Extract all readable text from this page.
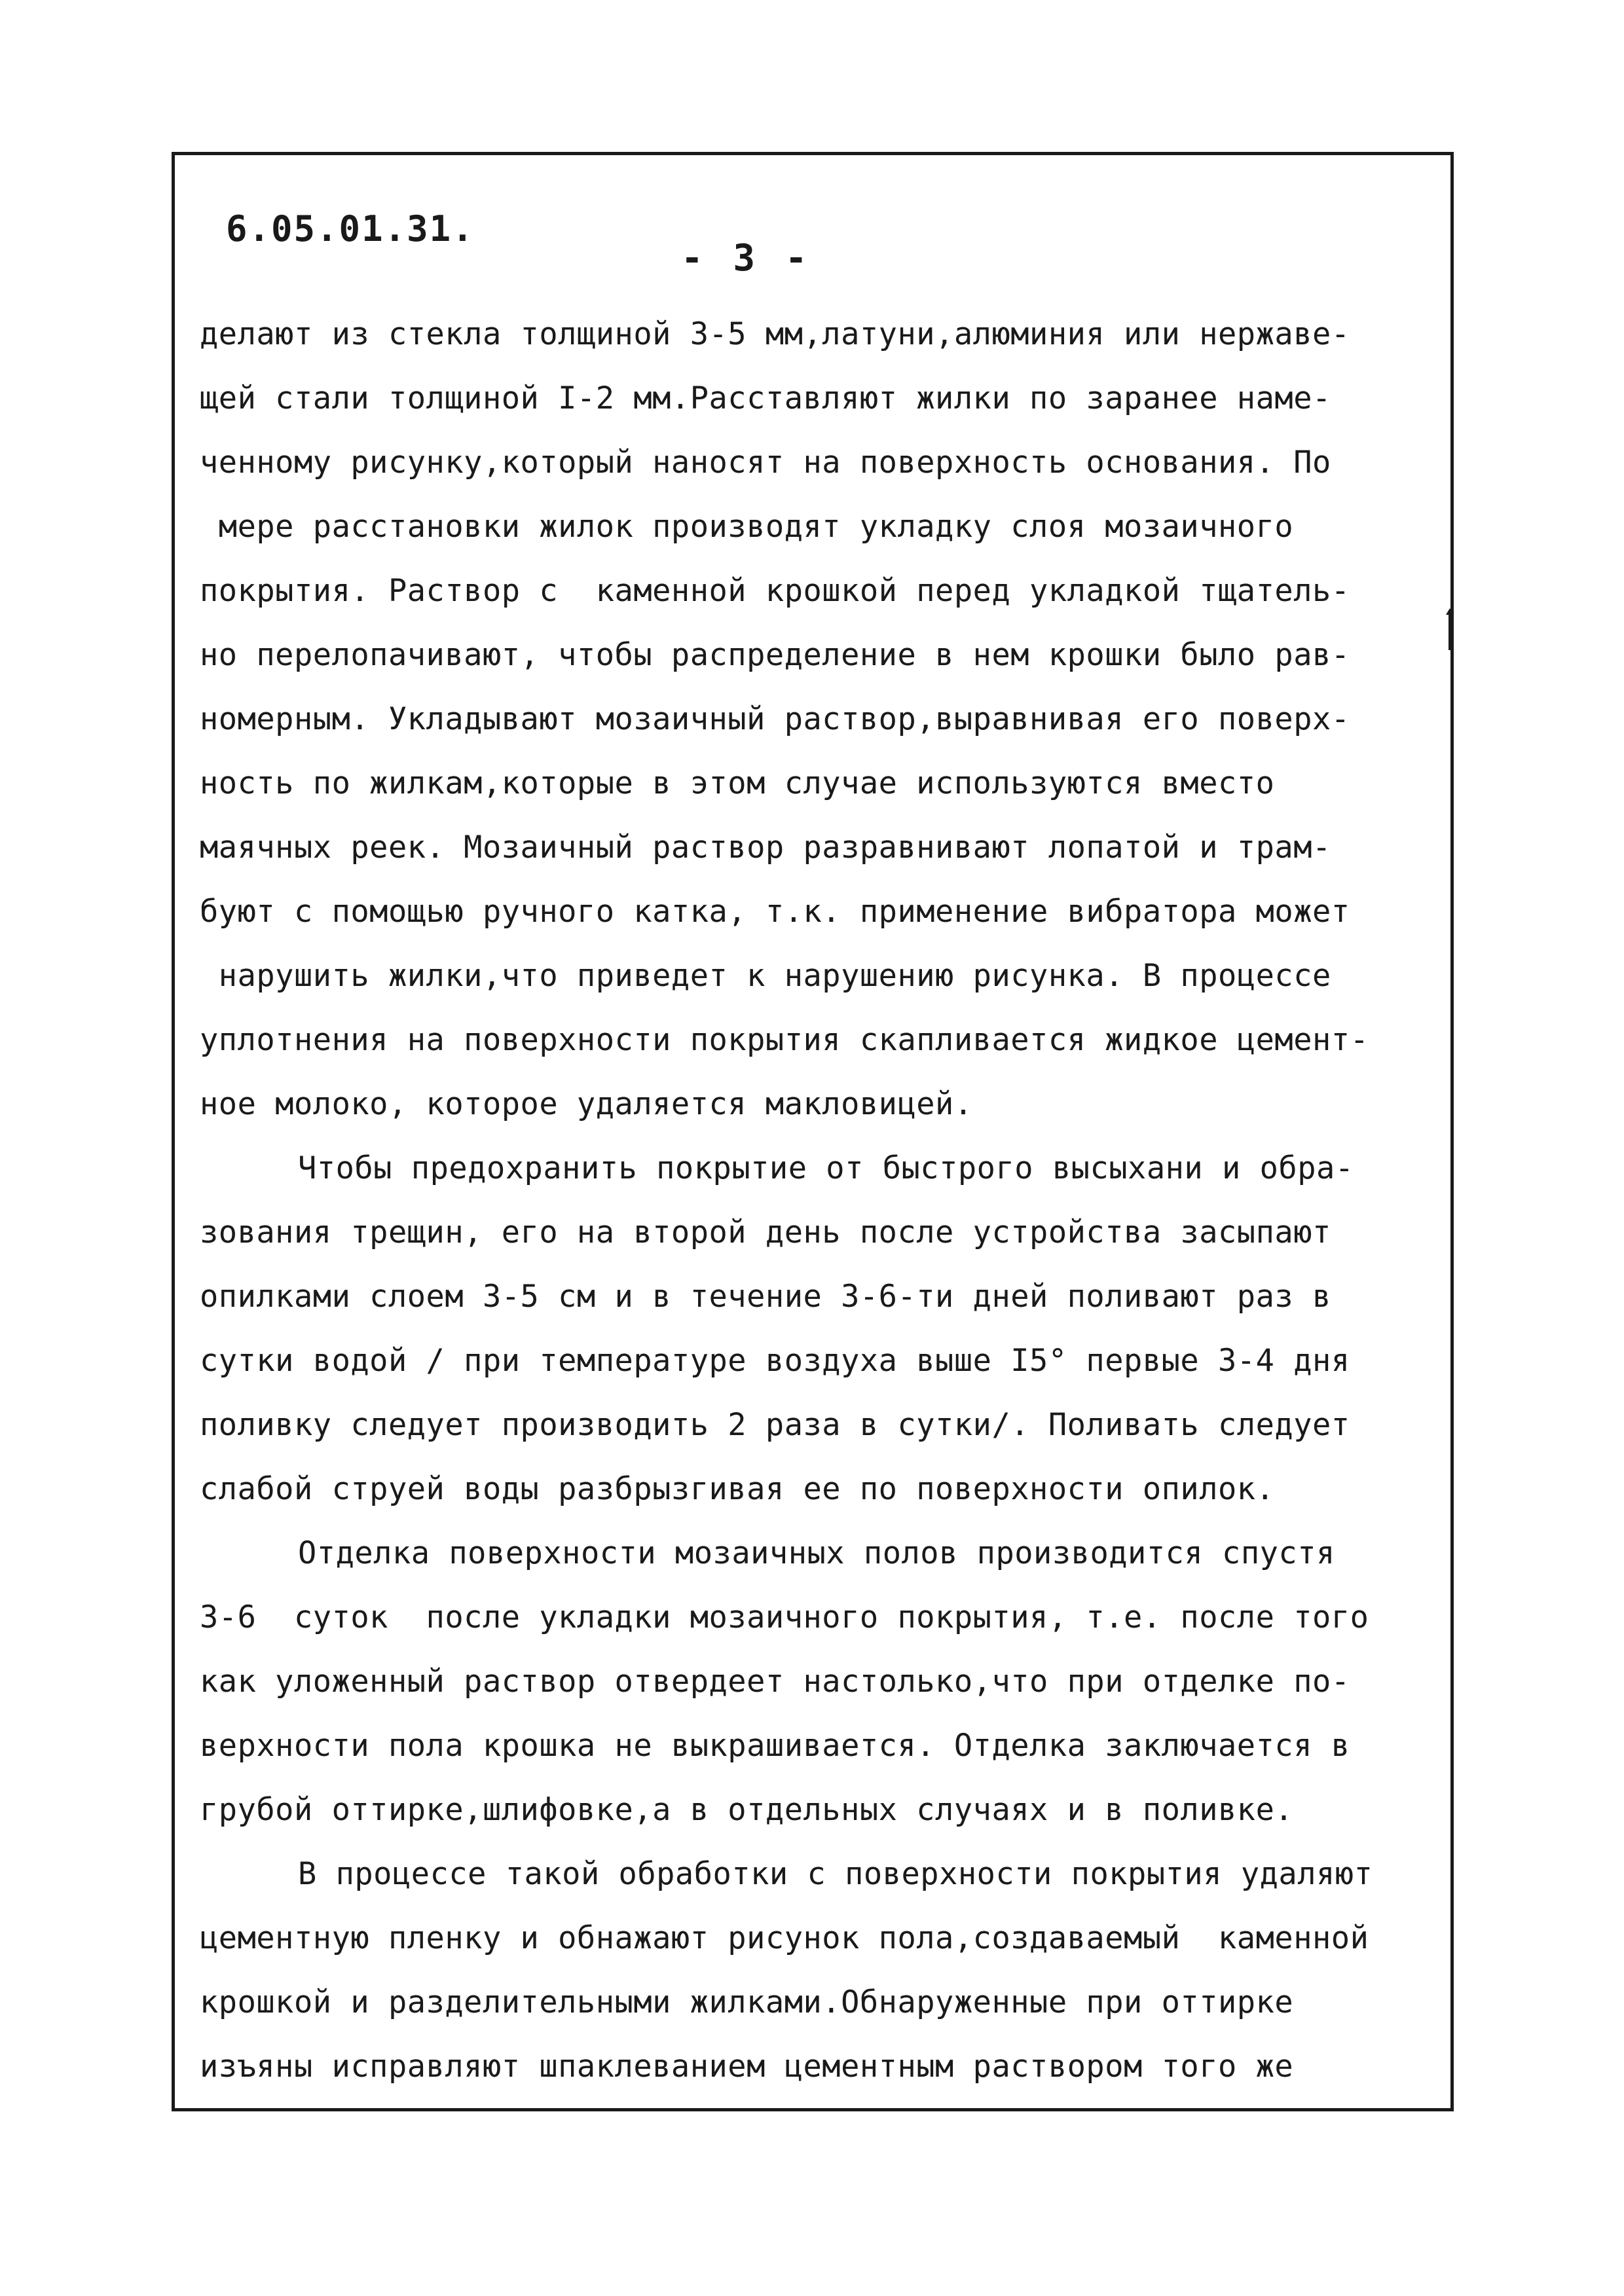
6.05.01.31.
- 3 -
делают из стекла толщиной 3-5 мм,латуни,алюминия или нержаве-
щей стали толщиной I-2 мм.Расставляют жилки по заранее наме-
ченному рисунку,который наносят на поверхность основания. По
мере расстановки жилок производят укладку слоя мозаичного
покрытия. Раствор с  каменной крошкой перед укладкой тщатель-
но перелопачивают, чтобы распределение в нем крошки было рав-
номерным. Укладывают мозаичный раствор,выравнивая его поверх-
ность по жилкам,которые в этом случае используются вместо
маячных реек. Мозаичный раствор разравнивают лопатой и трам-
буют с помощью ручного катка, т.к. применение вибратора может
нарушить жилки,что приведет к нарушению рисунка. В процессе
уплотнения на поверхности покрытия скапливается жидкое цемент-
ное молоко, которое удаляется макловицей.
Чтобы предохранить покрытие от быстрого высыхани и обра-
зования трещин, его на второй день после устройства засыпают
опилками слоем 3-5 см и в течение 3-6-ти дней поливают раз в
сутки водой / при температуре воздуха выше I5° первые 3-4 дня
поливку следует производить 2 раза в сутки/. Поливать следует
слабой струей воды разбрызгивая ее по поверхности опилок.
Отделка поверхности мозаичных полов производится спустя
3-6  суток  после укладки мозаичного покрытия, т.е. после того
как уложенный раствор отвердеет настолько,что при отделке по-
верхности пола крошка не выкрашивается. Отделка заключается в
грубой оттирке,шлифовке,а в отдельных случаях и в поливке.
В процессе такой обработки с поверхности покрытия удаляют
цементную пленку и обнажают рисунок пола,создаваемый  каменной
крошкой и разделительными жилками.Обнаруженные при оттирке
изъяны исправляют шпаклеванием цементным раствором того же
